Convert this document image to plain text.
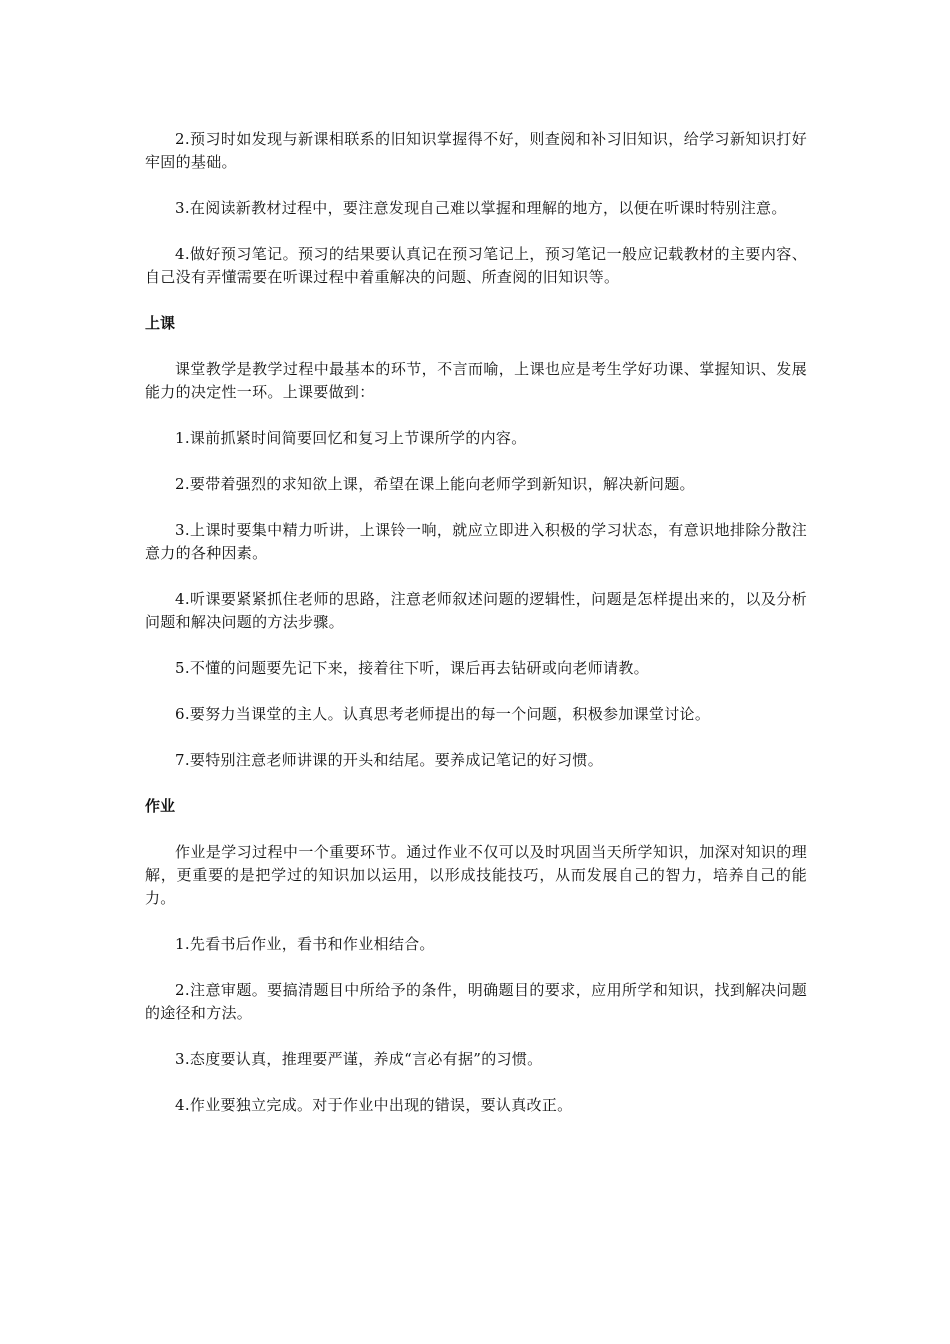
2.预习时如发现与新课相联系的旧知识掌握得不好，则查阅和补习旧知识，给学习新知识打好牢固的基础。

3.在阅读新教材过程中，要注意发现自己难以掌握和理解的地方，以便在听课时特别注意。

4.做好预习笔记。预习的结果要认真记在预习笔记上，预习笔记一般应记载教材的主要内容、自己没有弄懂需要在听课过程中着重解决的问题、所查阅的旧知识等。

上课

课堂教学是教学过程中最基本的环节，不言而喻，上课也应是考生学好功课、掌握知识、发展能力的决定性一环。上课要做到：

1.课前抓紧时间简要回忆和复习上节课所学的内容。

2.要带着强烈的求知欲上课，希望在课上能向老师学到新知识，解决新问题。

3.上课时要集中精力听讲，上课铃一响，就应立即进入积极的学习状态，有意识地排除分散注意力的各种因素。

4.听课要紧紧抓住老师的思路，注意老师叙述问题的逻辑性，问题是怎样提出来的，以及分析问题和解决问题的方法步骤。

5.不懂的问题要先记下来，接着往下听，课后再去钻研或向老师请教。

6.要努力当课堂的主人。认真思考老师提出的每一个问题，积极参加课堂讨论。

7.要特别注意老师讲课的开头和结尾。要养成记笔记的好习惯。

作业

作业是学习过程中一个重要环节。通过作业不仅可以及时巩固当天所学知识，加深对知识的理解，更重要的是把学过的知识加以运用，以形成技能技巧，从而发展自己的智力，培养自己的能力。

1.先看书后作业，看书和作业相结合。

2.注意审题。要搞清题目中所给予的条件，明确题目的要求，应用所学和知识，找到解决问题的途径和方法。

3.态度要认真，推理要严谨，养成“言必有据”的习惯。

4.作业要独立完成。对于作业中出现的错误，要认真改正。
